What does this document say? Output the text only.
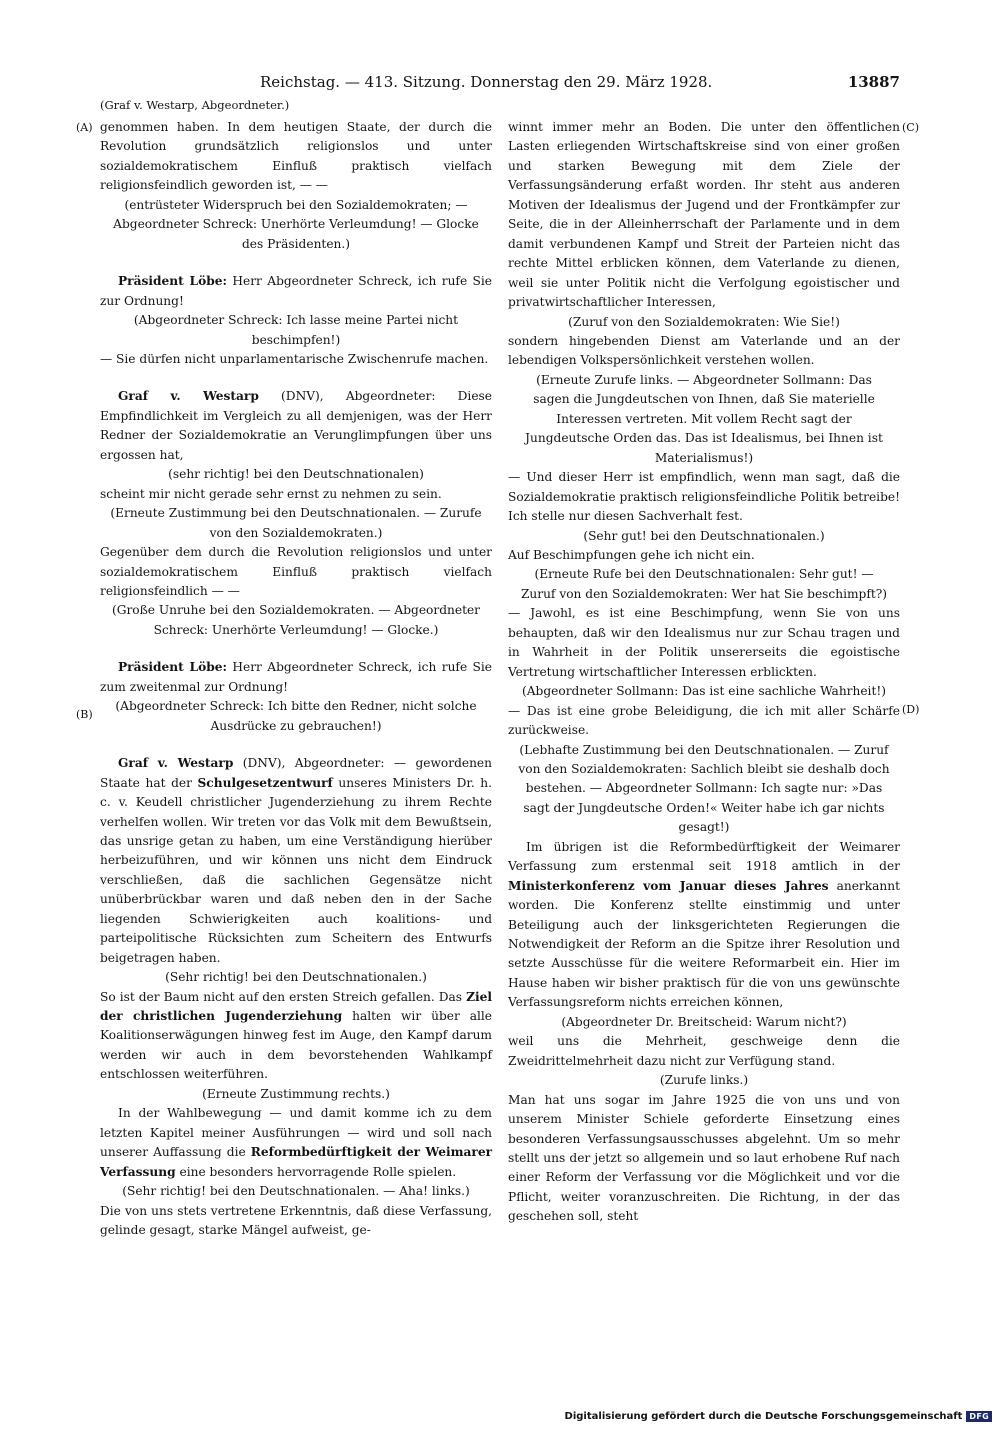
Reichstag. — 413. Sitzung. Donnerstag den 29. März 1928.	13887
(Graf v. Westarp, Abgeordneter.)
(A)
(B)
(C)
(D)

genommen haben. In dem heutigen Staate, der durch die Revolution grundsätzlich religionslos und unter sozialdemokratischem Einfluß praktisch vielfach religionsfeindlich geworden ist, — —

(entrüsteter Widerspruch bei den Sozialdemokraten; — Abgeordneter Schreck: Unerhörte Verleumdung! — Glocke des Präsidenten.)

Präsident Löbe: Herr Abgeordneter Schreck, ich rufe Sie zur Ordnung!

(Abgeordneter Schreck: Ich lasse meine Partei nicht beschimpfen!)

— Sie dürfen nicht unparlamentarische Zwischenrufe machen.

Graf v. Westarp (DNV), Abgeordneter: Diese Empfindlichkeit im Vergleich zu all demjenigen, was der Herr Redner der Sozialdemokratie an Verunglimpfungen über uns ergossen hat,

(sehr richtig! bei den Deutschnationalen)

scheint mir nicht gerade sehr ernst zu nehmen zu sein.

(Erneute Zustimmung bei den Deutschnationalen. — Zurufe von den Sozialdemokraten.)

Gegenüber dem durch die Revolution religionslos und unter sozialdemokratischem Einfluß praktisch vielfach religionsfeindlich — —

(Große Unruhe bei den Sozialdemokraten. — Abgeordneter Schreck: Unerhörte Verleumdung! — Glocke.)

Präsident Löbe: Herr Abgeordneter Schreck, ich rufe Sie zum zweitenmal zur Ordnung!

(Abgeordneter Schreck: Ich bitte den Redner, nicht solche Ausdrücke zu gebrauchen!)

Graf v. Westarp (DNV), Abgeordneter: — gewordenen Staate hat der Schulgesetzentwurf unseres Ministers Dr. h. c. v. Keudell christlicher Jugenderziehung zu ihrem Rechte verhelfen wollen. Wir treten vor das Volk mit dem Bewußtsein, das unsrige getan zu haben, um eine Verständigung hierüber herbeizuführen, und wir können uns nicht dem Eindruck verschließen, daß die sachlichen Gegensätze nicht unüberbrückbar waren und daß neben den in der Sache liegenden Schwierigkeiten auch koalitions- und parteipolitische Rücksichten zum Scheitern des Entwurfs beigetragen haben.

(Sehr richtig! bei den Deutschnationalen.)

So ist der Baum nicht auf den ersten Streich gefallen. Das Ziel der christlichen Jugenderziehung halten wir über alle Koalitionserwägungen hinweg fest im Auge, den Kampf darum werden wir auch in dem bevorstehenden Wahlkampf entschlossen weiterführen.

(Erneute Zustimmung rechts.)

In der Wahlbewegung — und damit komme ich zu dem letzten Kapitel meiner Ausführungen — wird und soll nach unserer Auffassung die Reformbedürftigkeit der Weimarer Verfassung eine besonders hervorragende Rolle spielen.

(Sehr richtig! bei den Deutschnationalen. — Aha! links.)

Die von uns stets vertretene Erkenntnis, daß diese Verfassung, gelinde gesagt, starke Mängel aufweist, ge-

winnt immer mehr an Boden. Die unter den öffentlichen Lasten erliegenden Wirtschaftskreise sind von einer großen und starken Bewegung mit dem Ziele der Verfassungsänderung erfaßt worden. Ihr steht aus anderen Motiven der Idealismus der Jugend und der Frontkämpfer zur Seite, die in der Alleinherrschaft der Parlamente und in dem damit verbundenen Kampf und Streit der Parteien nicht das rechte Mittel erblicken können, dem Vaterlande zu dienen, weil sie unter Politik nicht die Verfolgung egoistischer und privatwirtschaftlicher Interessen,

(Zuruf von den Sozialdemokraten: Wie Sie!)

sondern hingebenden Dienst am Vaterlande und an der lebendigen Volkspersönlichkeit verstehen wollen.

(Erneute Zurufe links. — Abgeordneter Sollmann: Das sagen die Jungdeutschen von Ihnen, daß Sie materielle Interessen vertreten. Mit vollem Recht sagt der Jungdeutsche Orden das. Das ist Idealismus, bei Ihnen ist Materialismus!)

— Und dieser Herr ist empfindlich, wenn man sagt, daß die Sozialdemokratie praktisch religionsfeindliche Politik betreibe! Ich stelle nur diesen Sachverhalt fest.

(Sehr gut! bei den Deutschnationalen.)

Auf Beschimpfungen gehe ich nicht ein.

(Erneute Rufe bei den Deutschnationalen: Sehr gut! — Zuruf von den Sozialdemokraten: Wer hat Sie beschimpft?)

— Jawohl, es ist eine Beschimpfung, wenn Sie von uns behaupten, daß wir den Idealismus nur zur Schau tragen und in Wahrheit in der Politik unsererseits die egoistische Vertretung wirtschaftlicher Interessen erblickten.

(Abgeordneter Sollmann: Das ist eine sachliche Wahrheit!)

— Das ist eine grobe Beleidigung, die ich mit aller Schärfe zurückweise.

(Lebhafte Zustimmung bei den Deutschnationalen. — Zuruf von den Sozialdemokraten: Sachlich bleibt sie deshalb doch bestehen. — Abgeordneter Sollmann: Ich sagte nur: »Das sagt der Jungdeutsche Orden!« Weiter habe ich gar nichts gesagt!)

Im übrigen ist die Reformbedürftigkeit der Weimarer Verfassung zum erstenmal seit 1918 amtlich in der Ministerkonferenz vom Januar dieses Jahres anerkannt worden. Die Konferenz stellte einstimmig und unter Beteiligung auch der linksgerichteten Regierungen die Notwendigkeit der Reform an die Spitze ihrer Resolution und setzte Ausschüsse für die weitere Reformarbeit ein. Hier im Hause haben wir bisher praktisch für die von uns gewünschte Verfassungsreform nichts erreichen können,

(Abgeordneter Dr. Breitscheid: Warum nicht?)

weil uns die Mehrheit, geschweige denn die Zweidrittelmehrheit dazu nicht zur Verfügung stand.

(Zurufe links.)

Man hat uns sogar im Jahre 1925 die von uns und von unserem Minister Schiele geforderte Einsetzung eines besonderen Verfassungsausschusses abgelehnt. Um so mehr stellt uns der jetzt so allgemein und so laut erhobene Ruf nach einer Reform der Verfassung vor die Möglichkeit und vor die Pflicht, weiter voranzuschreiten. Die Richtung, in der das geschehen soll, steht

Digitalisierung gefördert durch die Deutsche Forschungsgemeinschaft DFG
